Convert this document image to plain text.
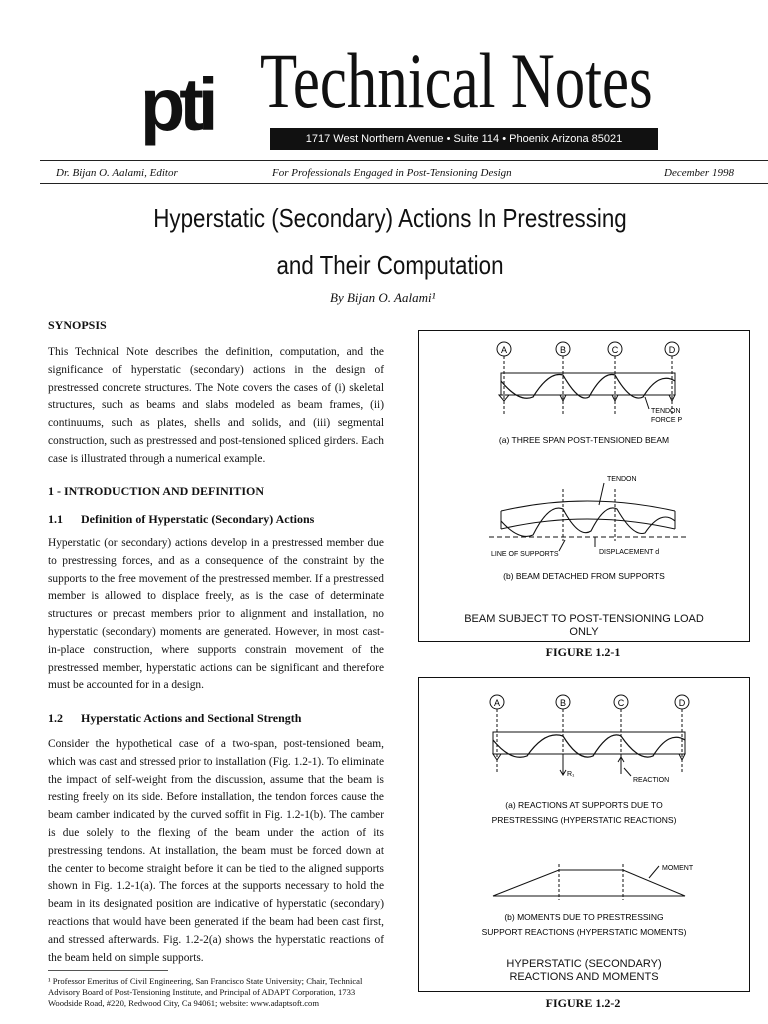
pti Technical Notes
1717 West Northern Avenue • Suite 114 • Phoenix Arizona 85021
Dr. Bijan O. Aalami, Editor	For Professionals Engaged in Post-Tensioning Design	December 1998
Hyperstatic (Secondary) Actions In Prestressing
and Their Computation
By Bijan O. Aalami¹
SYNOPSIS
This Technical Note describes the definition, computation, and the significance of hyperstatic (secondary) actions in the design of prestressed concrete structures. The Note covers the cases of (i) skeletal structures, such as beams and slabs modeled as beam frames, (ii) continuums, such as plates, shells and solids, and (iii) segmental construction, such as prestressed and post-tensioned spliced girders. Each case is illustrated through a numerical example.
1 - INTRODUCTION AND DEFINITION
1.1      Definition of Hyperstatic (Secondary) Actions
Hyperstatic (or secondary) actions develop in a prestressed member due to prestressing forces, and as a consequence of the constraint by the supports to the free movement of the prestressed member. If a prestressed member is allowed to displace freely, as is the case of determinate structures or precast members prior to alignment and installation, no hyperstatic (secondary) moments are generated. However, in most cast-in-place construction, where supports constrain movement of the prestressed member, hyperstatic actions can be significant and therefore must be accounted for in a design.
1.2      Hyperstatic Actions and Sectional Strength
Consider the hypothetical case of a two-span, post-tensioned beam, which was cast and stressed prior to installation (Fig. 1.2-1). To eliminate the impact of self-weight from the discussion, assume that the beam is resting freely on its side. Before installation, the tendon forces cause the beam camber indicated by the curved soffit in Fig. 1.2-1(b). The camber is due solely to the flexing of the beam under the action of its prestressing tendons. At installation, the beam must be forced down at the center to become straight before it can be tied to the aligned supports shown in Fig. 1.2-1(a). The forces at the supports necessary to hold the beam in its designated position are indicative of hyperstatic (secondary) reactions that would have been generated if the beam had been cast first, and stressed afterwards. Fig. 1.2-2(a) shows the hyperstatic reactions of the beam held on simple supports.
¹ Professor Emeritus of Civil Engineering, San Francisco State University; Chair, Technical Advisory Board of Post-Tensioning Institute, and Principal of ADAPT Corporation, 1733 Woodside Road, #220, Redwood City, Ca 94061; website: www.adaptsoft.com
A	B	C	D
TENDON
FORCE P
(a) THREE SPAN POST-TENSIONED BEAM
TENDON
LINE OF SUPPORTS	DISPLACEMENT d
(b) BEAM DETACHED FROM SUPPORTS
BEAM SUBJECT TO POST-TENSIONING LOAD
ONLY
FIGURE 1.2-1
A	B	C	D
R₁
REACTION
(a) REACTIONS AT SUPPORTS DUE TO
PRESTRESSING (HYPERSTATIC REACTIONS)
MOMENT
(b) MOMENTS DUE TO PRESTRESSING
SUPPORT REACTIONS (HYPERSTATIC MOMENTS)
HYPERSTATIC (SECONDARY)
REACTIONS AND MOMENTS
FIGURE 1.2-2
